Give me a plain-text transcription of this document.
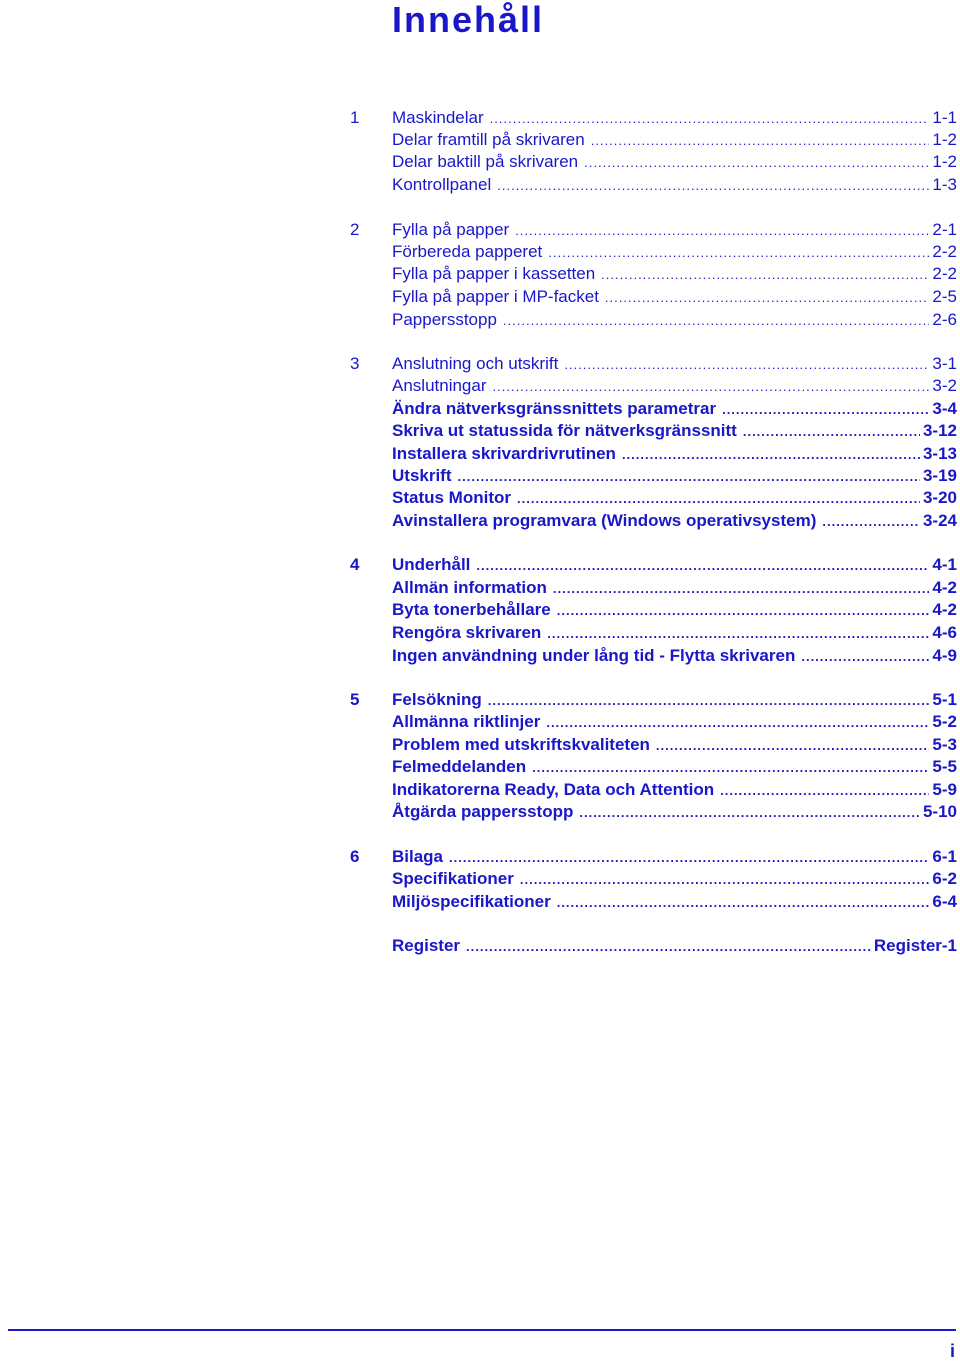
Innehåll
1	Maskindelar .....	1-1
Delar framtill på skrivaren .....	1-2
Delar baktill på skrivaren .....	1-2
Kontrollpanel .....	1-3
2	Fylla på papper .....	2-1
Förbereda papperet .....	2-2
Fylla på papper i kassetten .....	2-2
Fylla på papper i MP-facket .....	2-5
Pappersstopp .....	2-6
3	Anslutning och utskrift .....	3-1
Anslutningar .....	3-2
Ändra nätverksgränssnittets parametrar .....	3-4
Skriva ut statussida för nätverksgränssnitt .....	3-12
Installera skrivardrivrutinen .....	3-13
Utskrift .....	3-19
Status Monitor .....	3-20
Avinstallera programvara (Windows operativsystem) .....	3-24
4	Underhåll .....	4-1
Allmän information .....	4-2
Byta tonerbehållare .....	4-2
Rengöra skrivaren .....	4-6
Ingen användning under lång tid - Flytta skrivaren .....	4-9
5	Felsökning .....	5-1
Allmänna riktlinjer .....	5-2
Problem med utskriftskvaliteten .....	5-3
Felmeddelanden .....	5-5
Indikatorerna Ready, Data och Attention .....	5-9
Åtgärda pappersstopp .....	5-10
6	Bilaga .....	6-1
Specifikationer .....	6-2
Miljöspecifikationer .....	6-4
Register .....	Register-1
i
